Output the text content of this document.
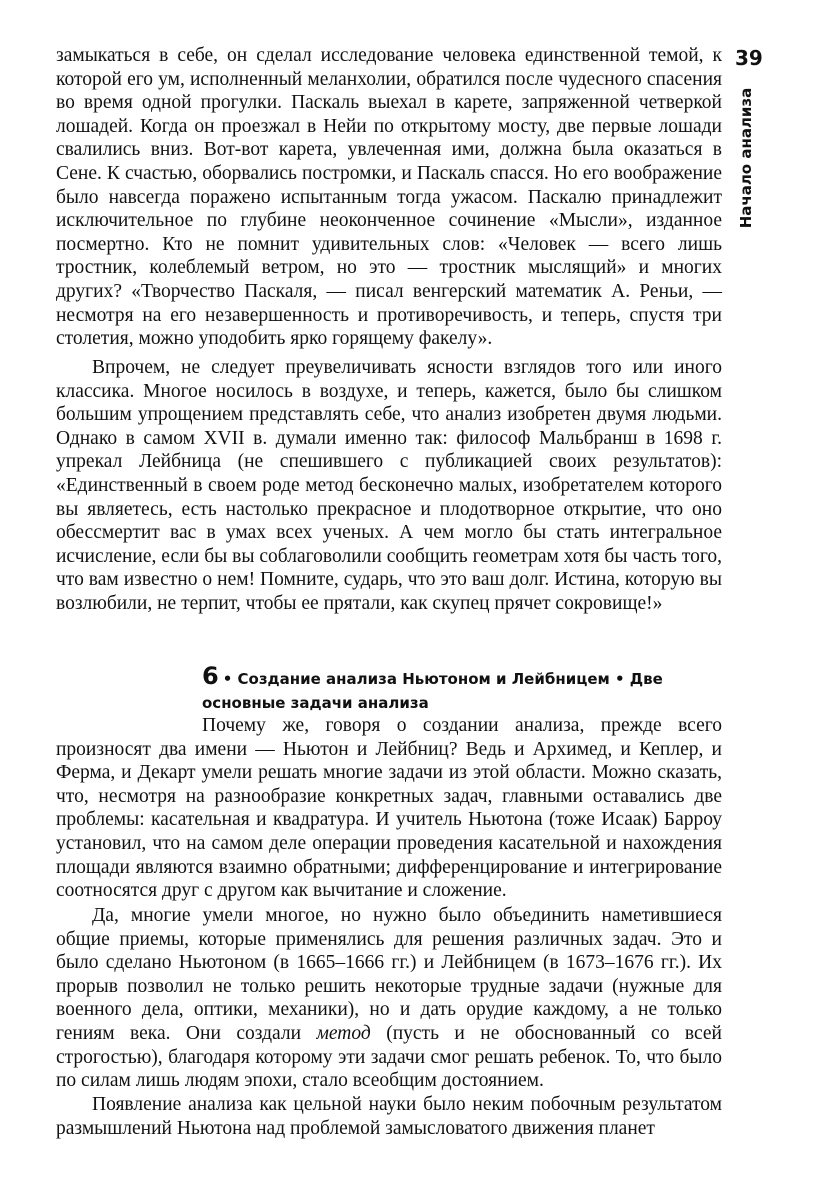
39
Начало анализа

замыкаться в себе, он сделал исследование человека единственной темой, к которой его ум, исполненный меланхолии, обратился после чудесного спасения во время одной прогулки. Паскаль выехал в карете, запряженной четверкой лошадей. Когда он проезжал в Нейи по открытому мосту, две первые лошади свалились вниз. Вот-вот карета, увлеченная ими, должна была оказаться в Сене. К счастью, оборвались постромки, и Паскаль спасся. Но его воображение было навсегда поражено испытанным тогда ужасом. Паскалю принадлежит исключительное по глубине неоконченное сочинение «Мысли», изданное посмертно. Кто не помнит удивительных слов: «Человек — всего лишь тростник, колеблемый ветром, но это — тростник мыслящий» и многих других? «Творчество Паскаля, — писал венгерский математик А. Реньи, — несмотря на его незавершенность и противоречивость, и теперь, спустя три столетия, можно уподобить ярко горящему факелу».

Впрочем, не следует преувеличивать ясности взглядов того или иного классика. Многое носилось в воздухе, и теперь, кажется, было бы слишком большим упрощением представлять себе, что анализ изобретен двумя людьми. Однако в самом XVII в. думали именно так: философ Мальбранш в 1698 г. упрекал Лейбница (не спешившего с публикацией своих результатов): «Единственный в своем роде метод бесконечно малых, изобретателем которого вы являетесь, есть настолько прекрасное и плодотворное открытие, что оно обессмертит вас в умах всех ученых. А чем могло бы стать интегральное исчисление, если бы вы соблаговолили сообщить геометрам хотя бы часть того, что вам известно о нем! Помните, сударь, что это ваш долг. Истина, которую вы возлюбили, не терпит, чтобы ее прятали, как скупец прячет сокровище!»

6 • Создание анализа Ньютоном и Лейбницем • Две основные задачи анализа

Почему же, говоря о создании анализа, прежде всего произносят два имени — Ньютон и Лейбниц? Ведь и Архимед, и Кеплер, и Ферма, и Декарт умели решать многие задачи из этой области. Можно сказать, что, несмотря на разнообразие конкретных задач, главными оставались две проблемы: касательная и квадратура. И учитель Ньютона (тоже Исаак) Барроу установил, что на самом деле операции проведения касательной и нахождения площади являются взаимно обратными; дифференцирование и интегрирование соотносятся друг с другом как вычитание и сложение.

Да, многие умели многое, но нужно было объединить наметившиеся общие приемы, которые применялись для решения различных задач. Это и было сделано Ньютоном (в 1665–1666 гг.) и Лейбницем (в 1673–1676 гг.). Их прорыв позволил не только решить некоторые трудные задачи (нужные для военного дела, оптики, механики), но и дать орудие каждому, а не только гениям века. Они создали метод (пусть и не обоснованный со всей строгостью), благодаря которому эти задачи смог решать ребенок. То, что было по силам лишь людям эпохи, стало всеобщим достоянием.

Появление анализа как цельной науки было неким побочным результатом размышлений Ньютона над проблемой замысловатого движения планет
